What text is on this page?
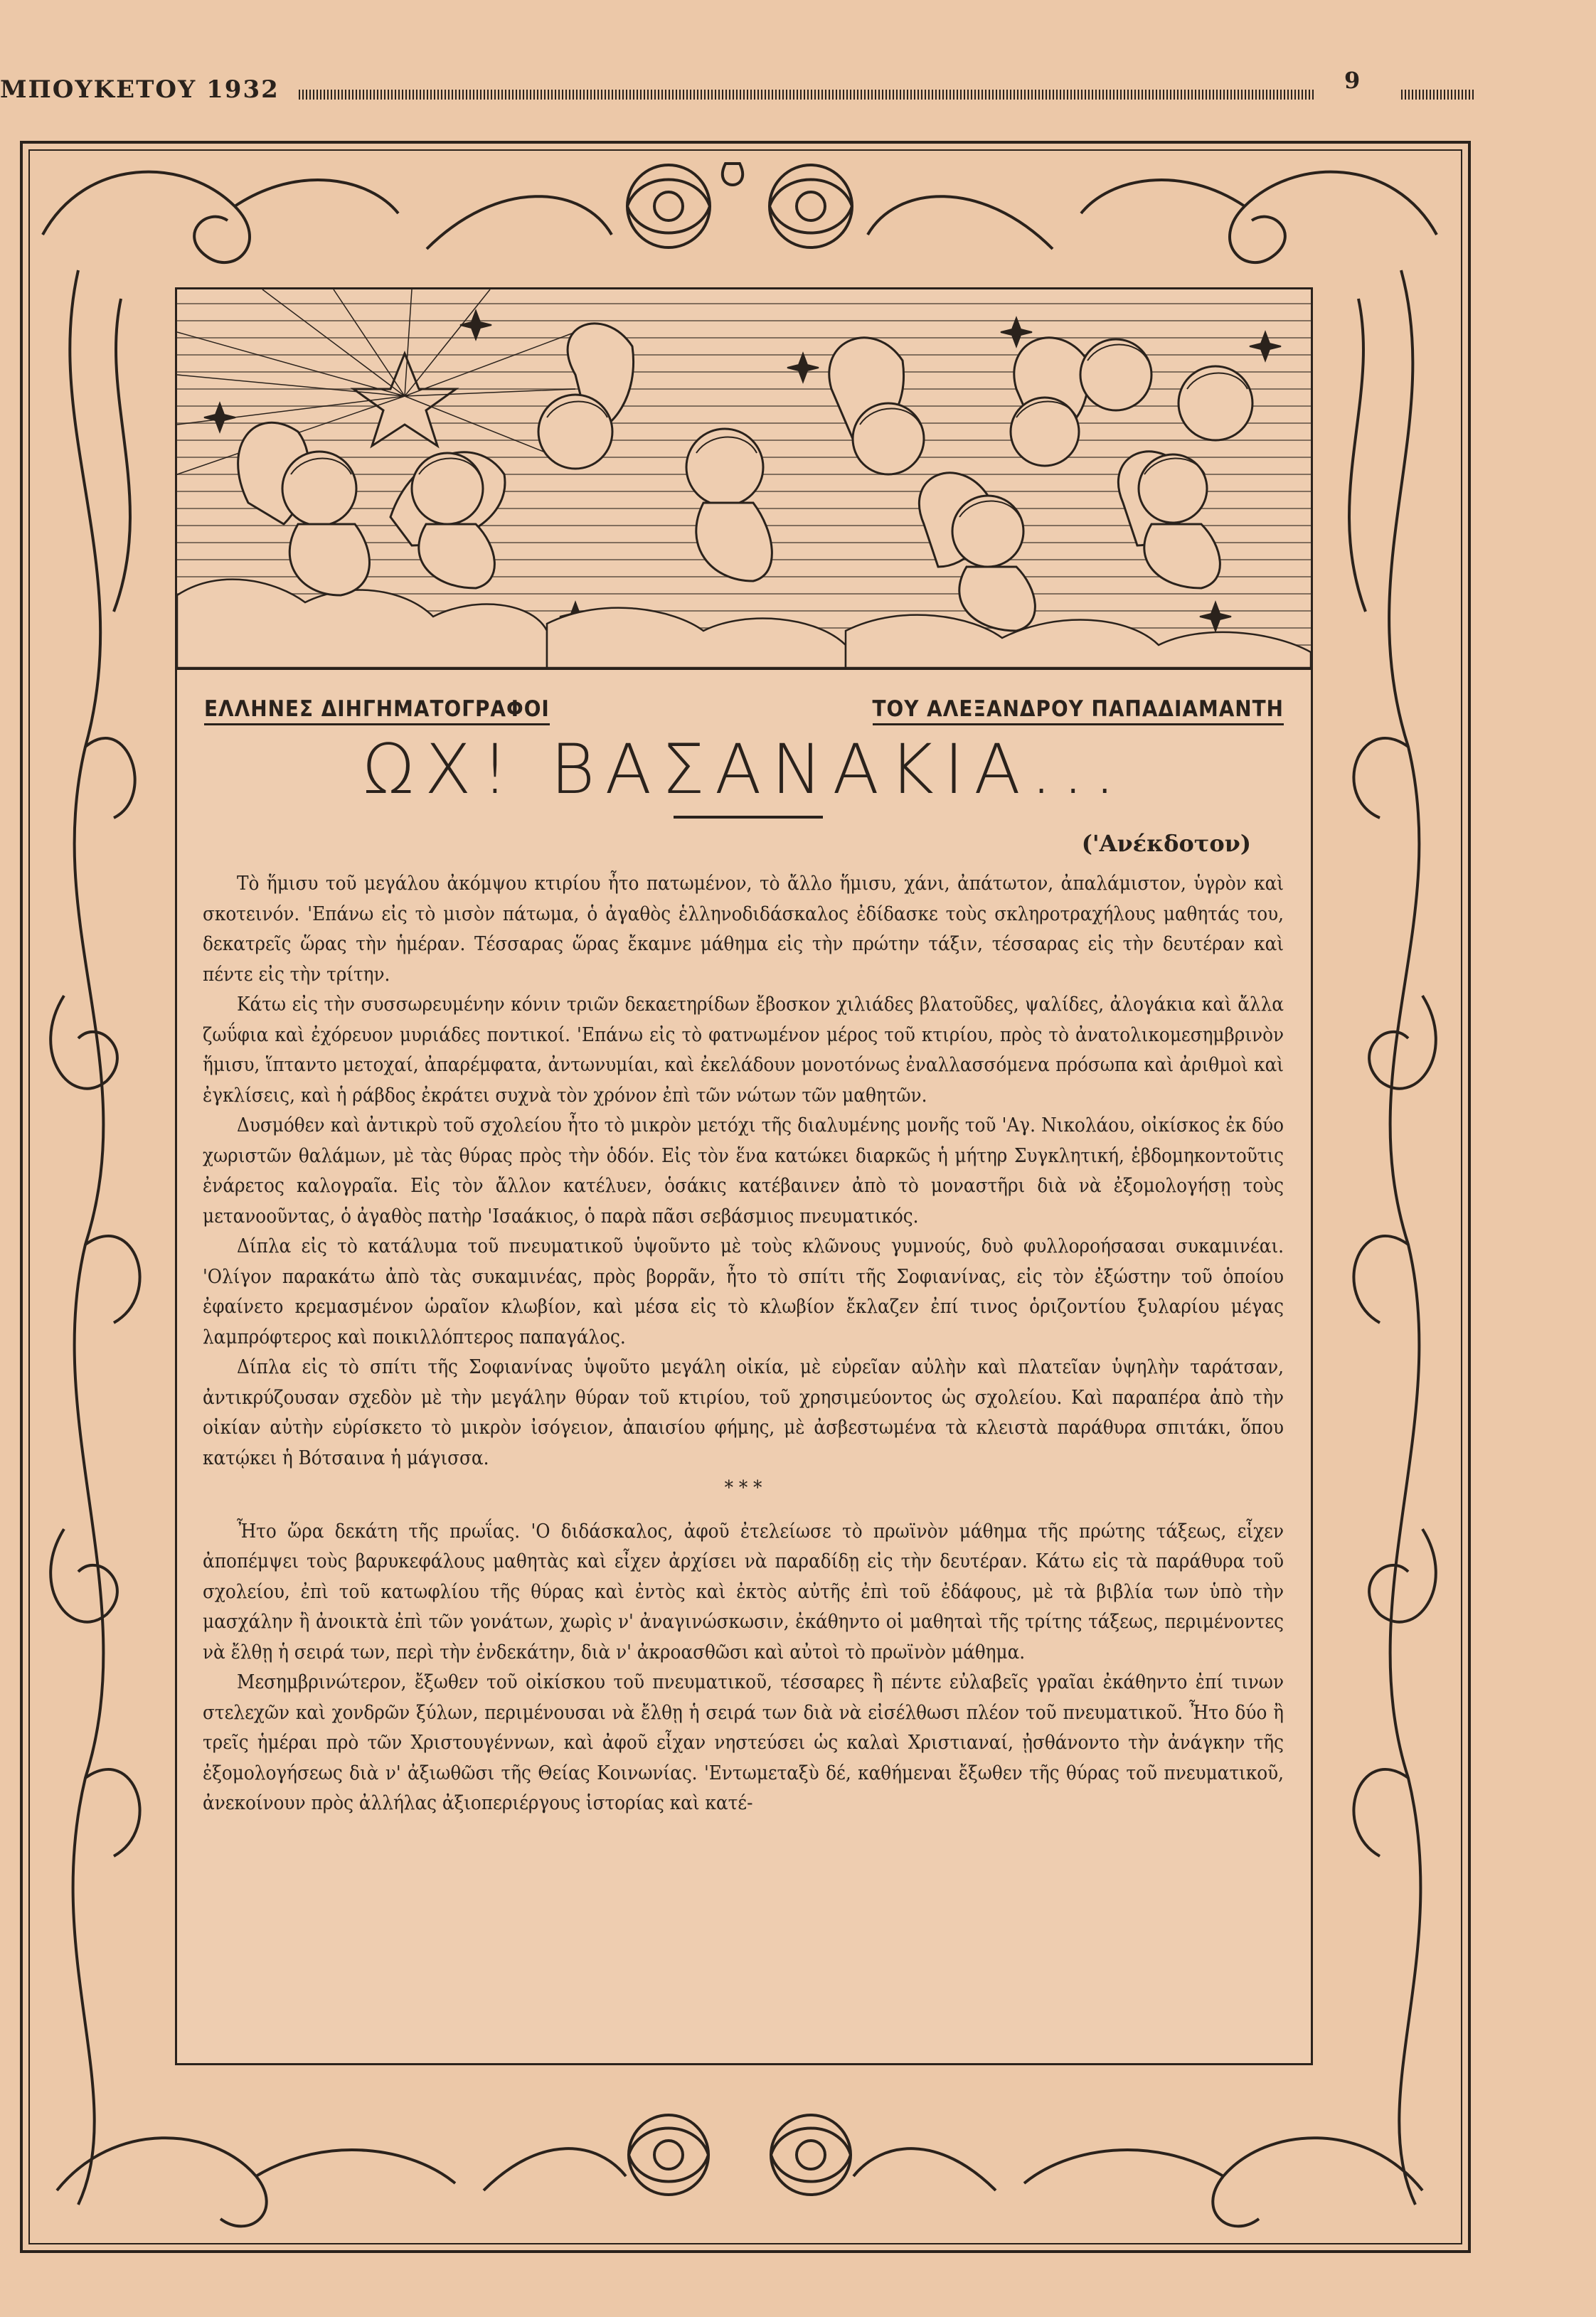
ΜΠΟΥΚΕΤΟΥ 1932	9
ΕΛΛΗΝΕΣ ΔΙΗΓΗΜΑΤΟΓΡΑΦΟΙ	ΤΟΥ ΑΛΕΞΑΝΔΡΟΥ ΠΑΠΑΔΙΑΜΑΝΤΗ
ΩΧ! ΒΑΣΑΝΑΚΙΑ...
('Ανέκδοτον)

Τὸ ἥμισυ τοῦ μεγάλου ἀκόμψου κτιρίου ἦτο πατωμένον, τὸ ἄλλο ἥμισυ, χάνι, ἀπάτωτον, ἀπαλάμιστον, ὑγρὸν καὶ σκοτεινόν. 'Επάνω εἰς τὸ μισὸν πάτωμα, ὁ ἀγαθὸς ἑλληνοδιδάσκαλος ἐδίδασκε τοὺς σκληροτραχήλους μαθητάς του, δεκατρεῖς ὥρας τὴν ἡμέραν. Τέσσαρας ὥρας ἔκαμνε μάθημα εἰς τὴν πρώτην τάξιν, τέσσαρας εἰς τὴν δευτέραν καὶ πέντε εἰς τὴν τρίτην.

Κάτω εἰς τὴν συσσωρευμένην κόνιν τριῶν δεκαετηρίδων ἔβοσκον χιλιάδες βλατοῦδες, ψαλίδες, ἀλογάκια καὶ ἄλλα ζωΰφια καὶ ἐχόρευον μυριάδες ποντικοί. 'Επάνω εἰς τὸ φατνωμένον μέρος τοῦ κτιρίου, πρὸς τὸ ἀνατολικομεσημβρινὸν ἥμισυ, ἵπταντο μετοχαί, ἀπαρέμφατα, ἀντωνυμίαι, καὶ ἐκελάδουν μονοτόνως ἐναλλασσόμενα πρόσωπα καὶ ἀριθμοὶ καὶ ἐγκλίσεις, καὶ ἡ ράβδος ἐκράτει συχνὰ τὸν χρόνον ἐπὶ τῶν νώτων τῶν μαθητῶν.

Δυσμόθεν καὶ ἀντικρὺ τοῦ σχολείου ἦτο τὸ μικρὸν μετόχι τῆς διαλυμένης μονῆς τοῦ 'Αγ. Νικολάου, οἰκίσκος ἐκ δύο χωριστῶν θαλάμων, μὲ τὰς θύρας πρὸς τὴν ὁδόν. Εἰς τὸν ἕνα κατώκει διαρκῶς ἡ μήτηρ Συγκλητική, ἑβδομηκοντοῦτις ἐνάρετος καλογραῖα. Εἰς τὸν ἄλλον κατέλυεν, ὁσάκις κατέβαινεν ἀπὸ τὸ μοναστῆρι διὰ νὰ ἐξομολογήσῃ τοὺς μετανοοῦντας, ὁ ἀγαθὸς πατὴρ 'Ισαάκιος, ὁ παρὰ πᾶσι σεβάσμιος πνευματικός.

Δίπλα εἰς τὸ κατάλυμα τοῦ πνευματικοῦ ὑψοῦντο μὲ τοὺς κλῶνους γυμνούς, δυὸ φυλλοροήσασαι συκαμινέαι. 'Ολίγον παρακάτω ἀπὸ τὰς συκαμινέας, πρὸς βορρᾶν, ἦτο τὸ σπίτι τῆς Σοφιανίνας, εἰς τὸν ἐξώστην τοῦ ὁποίου ἐφαίνετο κρεμασμένον ὡραῖον κλωβίον, καὶ μέσα εἰς τὸ κλωβίον ἔκλαζεν ἐπί τινος ὁριζοντίου ξυλαρίου μέγας λαμπρόφτερος καὶ ποικιλλόπτερος παπαγάλος.

Δίπλα εἰς τὸ σπίτι τῆς Σοφιανίνας ὑψοῦτο μεγάλη οἰκία, μὲ εὐρεῖαν αὐλὴν καὶ πλατεῖαν ὑψηλὴν ταράτσαν, ἀντικρύζουσαν σχεδὸν μὲ τὴν μεγάλην θύραν τοῦ κτιρίου, τοῦ χρησιμεύοντος ὡς σχολείου. Καὶ παραπέρα ἀπὸ τὴν οἰκίαν αὐτὴν εὑρίσκετο τὸ μικρὸν ἰσόγειον, ἀπαισίου φήμης, μὲ ἀσβεστωμένα τὰ κλειστὰ παράθυρα σπιτάκι, ὅπου κατῴκει ἡ Βότσαινα ἡ μάγισσα.

* * *

Ἦτο ὥρα δεκάτη τῆς πρωΐας. 'Ο διδάσκαλος, ἀφοῦ ἐτελείωσε τὸ πρωϊνὸν μάθημα τῆς πρώτης τάξεως, εἶχεν ἀποπέμψει τοὺς βαρυκεφάλους μαθητὰς καὶ εἶχεν ἀρχίσει νὰ παραδίδῃ εἰς τὴν δευτέραν. Κάτω εἰς τὰ παράθυρα τοῦ σχολείου, ἐπὶ τοῦ κατωφλίου τῆς θύρας καὶ ἐντὸς καὶ ἐκτὸς αὐτῆς ἐπὶ τοῦ ἐδάφους, μὲ τὰ βιβλία των ὑπὸ τὴν μασχάλην ἢ ἀνοικτὰ ἐπὶ τῶν γονάτων, χωρὶς ν' ἀναγινώσκωσιν, ἐκάθηντο οἱ μαθηταὶ τῆς τρίτης τάξεως, περιμένοντες νὰ ἔλθῃ ἡ σειρά των, περὶ τὴν ἐνδεκάτην, διὰ ν' ἀκροασθῶσι καὶ αὐτοὶ τὸ πρωϊνὸν μάθημα.

Μεσημβρινώτερον, ἔξωθεν τοῦ οἰκίσκου τοῦ πνευματικοῦ, τέσσαρες ἢ πέντε εὐλαβεῖς γραῖαι ἐκάθηντο ἐπί τινων στελεχῶν καὶ χονδρῶν ξύλων, περιμένουσαι νὰ ἔλθῃ ἡ σειρά των διὰ νὰ εἰσέλθωσι πλέον τοῦ πνευματικοῦ. Ἦτο δύο ἢ τρεῖς ἡμέραι πρὸ τῶν Χριστουγέννων, καὶ ἀφοῦ εἶχαν νηστεύσει ὡς καλαὶ Χριστιαναί, ᾐσθάνοντο τὴν ἀνάγκην τῆς ἐξομολογήσεως διὰ ν' ἀξιωθῶσι τῆς Θείας Κοινωνίας. 'Εντωμεταξὺ δέ, καθήμεναι ἔξωθεν τῆς θύρας τοῦ πνευματικοῦ, ἀνεκοίνουν πρὸς ἀλλήλας ἀξιοπεριέργους ἱστορίας καὶ κατέ-
